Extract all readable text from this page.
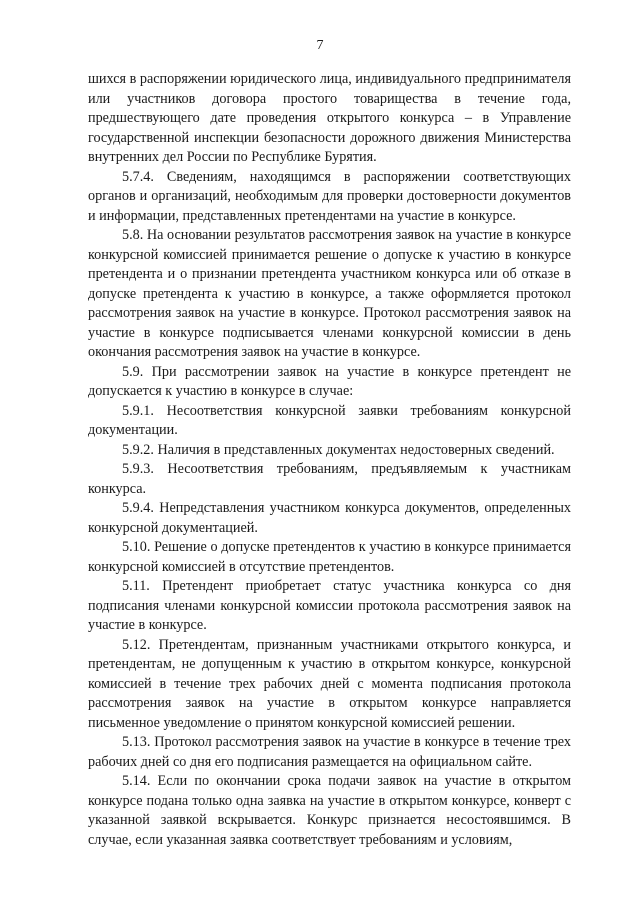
7

шихся в распоряжении юридического лица, индивидуального предпринимателя или участников договора простого товарищества в течение года, предшествующего дате проведения открытого конкурса – в Управление государственной инспекции безопасности дорожного движения Министерства внутренних дел России по Республике Бурятия.

5.7.4. Сведениям, находящимся в распоряжении соответствующих органов и организаций, необходимым для проверки достоверности документов и информации, представленных претендентами на участие в конкурсе.

5.8. На основании результатов рассмотрения заявок на участие в конкурсе конкурсной комиссией принимается решение о допуске к участию в конкурсе претендента и о признании претендента участником конкурса или об отказе в допуске претендента к участию в конкурсе, а также оформляется протокол рассмотрения заявок на участие в конкурсе. Протокол рассмотрения заявок на участие в конкурсе подписывается членами конкурсной комиссии в день окончания рассмотрения заявок на участие в конкурсе.

5.9. При рассмотрении заявок на участие в конкурсе претендент не допускается к участию в конкурсе в случае:

5.9.1. Несоответствия конкурсной заявки требованиям конкурсной документации.

5.9.2. Наличия в представленных документах недостоверных сведений.

5.9.3. Несоответствия требованиям, предъявляемым к участникам конкурса.

5.9.4. Непредставления участником конкурса документов, определенных конкурсной документацией.

5.10. Решение о допуске претендентов к участию в конкурсе принимается конкурсной комиссией в отсутствие претендентов.

5.11. Претендент приобретает статус участника конкурса со дня подписания членами конкурсной комиссии протокола рассмотрения заявок на участие в конкурсе.

5.12. Претендентам, признанным участниками открытого конкурса, и претендентам, не допущенным к участию в открытом конкурсе, конкурсной комиссией в течение трех рабочих дней с момента подписания протокола рассмотрения заявок на участие в открытом конкурсе направляется письменное уведомление о принятом конкурсной комиссией решении.

5.13. Протокол рассмотрения заявок на участие в конкурсе в течение трех рабочих дней со дня его подписания размещается на официальном сайте.

5.14. Если по окончании срока подачи заявок на участие в открытом конкурсе подана только одна заявка на участие в открытом конкурсе, конверт с указанной заявкой вскрывается. Конкурс признается несостоявшимся. В случае, если указанная заявка соответствует требованиям и условиям,
